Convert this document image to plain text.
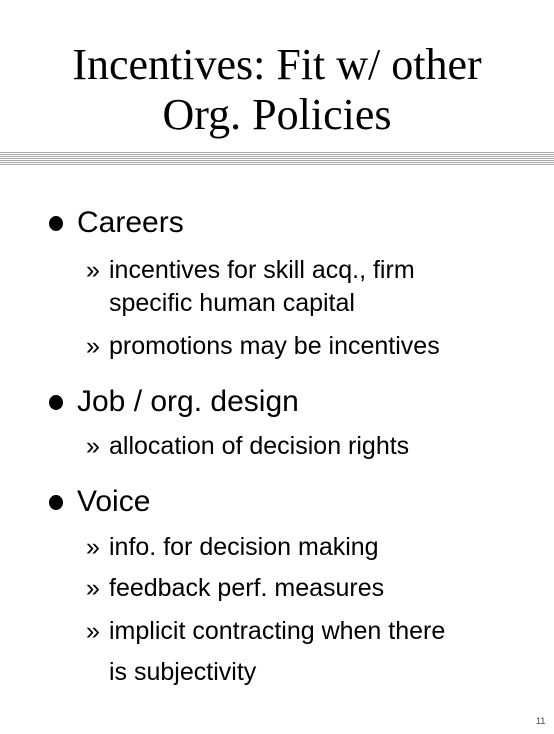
Incentives: Fit w/ other
Org. Policies
Careers
» incentives for skill acq., firm
specific human capital
» promotions may be incentives
Job / org. design
» allocation of decision rights
Voice
» info. for decision making
» feedback perf. measures
» implicit contracting when there
is subjectivity
11
